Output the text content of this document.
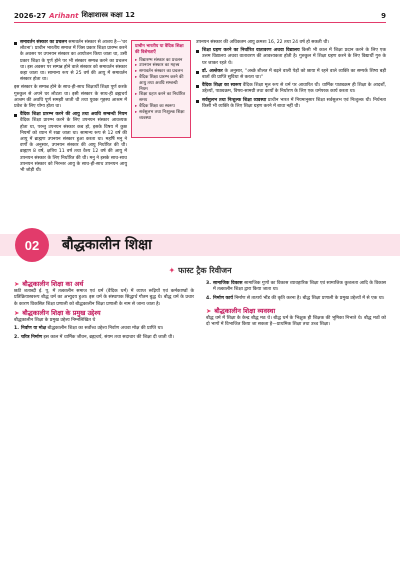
2026-27 Arihant शिक्षाशास्त्र कक्षा 12	9

समावर्तन संस्कार का प्रचलन समावर्तन संस्कार से आशय है—'घर लौटना'। प्राचीन भारतीय समाज में जिस प्रकार शिक्षा प्रारम्भ करने के अवसर पर उपनयन संस्कार का आयोजन किया जाता था, उसी प्रकार शिक्षा के पूर्ण होने पर भी संस्कार सम्पन्न करने का प्रचलन था। इस अवसर पर सम्पन्न होने वाले संस्कार को समावर्तन संस्कार कहा जाता था। सामान्य रूप से 25 वर्ष की आयु में समावर्तन संस्कार होता था।

इस संस्कार के सम्पन्न होने के साथ-ही-साथ शिक्षार्थी शिक्षा पूर्ण करके गुरुकुल से अपने घर लौटता था। इसी संस्कार के साथ-ही ब्रह्मचर्य आश्रम की अवधि पूर्ण समझी जाती थी तथा युवक गृहस्थ आश्रम में प्रवेश के लिए योग्य होता था।

वैदिक शिक्षा प्रारम्भ करने की आयु तथा अवधि सम्बन्धी नियम वैदिक शिक्षा प्रारम्भ करने के लिए उपनयन संस्कार आवश्यक होता था, परन्तु उपनयन संस्कार कब हो, इसके विषय में कुछ नियमों को ध्यान में रखा जाता था। सामान्य रूप से 12 वर्ष की आयु में ब्राह्मण उपनयन संस्कार हुआ करता था। महर्षि मनु ने वर्णों के अनुसार, उपनयन संस्कार की आयु निर्धारित की थी। ब्राह्मण 8 वर्ष, क्षत्रिय 11 वर्ष तथा वैश्य 12 वर्ष की आयु में उपनयन संस्कार के लिए निर्धारित की थी। मनु ने इसके साथ-साथ उपनयन संस्कार को निरन्तर आयु के साथ-ही-साथ उपनयन आयु भी जोड़ी थी।

प्राचीन भारतीय या वैदिक शिक्षा की विशेषताएँ
▸ विद्यारम्भ संस्कार का प्रचलन
▸ उपनयन संस्कार का महत्त्व
▸ समावर्तन संस्कार का प्रचलन
▸ वैदिक शिक्षा प्रारम्भ करने की आयु तथा अवधि सम्बन्धी नियम
▸ शिक्षा ग्रहण करने का निर्धारित समय
▸ वैदिक शिक्षा का स्वरूप
▸ सर्वसुलभ तथा निःशुल्क शिक्षा व्यवस्था

उपनयन संस्कार की अधिकतम आयु क्रमशः 16, 22 तथा 24 वर्ष हो सकती थी।

शिक्षा ग्रहण करने का निर्धारित वातावरण अथवा विद्यालय किसी भी काल में शिक्षा प्रदान करने के लिए एक उत्तम विद्यालय अथवा वातावरण की आवश्यकता होती है। गुरुकुल में शिक्षा ग्रहण करने के लिए विद्यार्थी गुरु के घर जाकर रहते थे।

डॉ. अल्तेकर के अनुसार, "अच्छे शीलत में बढ़ने वाली पेड़ों को छाया में रहने वाले व्यक्ति का सम्पर्क शिष्य बड़ी बातों की प्राप्ति सुविधा से करता था।"

वैदिक शिक्षा का स्वरूप वैदिक शिक्षा मूल रूप से धर्म पर आधारित थी। धार्मिक पाठ्यक्रम ही शिक्षा के आदर्शों, उद्देश्यों, पाठ्यक्रम, विषय-सामग्री तथा कार्यों के निर्धारण के लिए एक धर्मपरक कार्य करता था।

सर्वसुलभ तथा निःशुल्क शिक्षा व्यवस्था प्राचीन भारत में नियमानुसार शिक्षा सर्वसुलभ एवं निःशुल्क थी। निर्धनता किसी भी व्यक्ति के लिए शिक्षा ग्रहण करने में बाधा नहीं थी।

02	बौद्धकालीन शिक्षा
✦ फास्ट ट्रैक रिवीजन
➤ बौद्धकालीन शिक्षा का अर्थ

छठी शताब्दी ई. पू. में तत्कालीन समाज एवं धर्म (वैदिक धर्म) में व्याप्त रूढ़ियों एवं कर्मकाण्डों के प्रतिक्रियास्वरूप बौद्ध धर्म का अभ्युदय हुआ। इस धर्म के संस्थापक सिद्धार्थ गौतम बुद्ध थे। बौद्ध धर्म के प्रचार के कारण विकसित शिक्षा प्रणाली को बौद्धकालीन शिक्षा प्रणाली के नाम से जाना जाता है।

➤ बौद्धकालीन शिक्षा के प्रमुख उद्देश्य

बौद्धकालीन शिक्षा के प्रमुख उद्देश्य निम्नलिखित थे

1. निर्वाण या मोक्ष बौद्धकालीन शिक्षा का सर्वोच्च उद्देश्य निर्वाण अथवा मोक्ष की प्राप्ति था।

2. चरित्र निर्माण इस काल में धार्मिक जीवन, ब्रह्मचर्य, संयम तथा सदाचार की शिक्षा दी जाती थी।

3. सामाजिक विकास सामाजिक गुणों का विकास व्यावहारिक शिक्षा एवं सामाजिक कुशलता आदि के विकास में तत्कालीन शिक्षा द्वारा किया जाता था।

4. निर्माण कार्य निर्माण से तात्पर्य भौंड की कृति करना है। बौद्ध शिक्षा प्रणाली के प्रमुख उद्देश्यों में से एक था।

➤ बौद्धकालीन शिक्षा व्यवस्था

बौद्ध धर्म में शिक्षा के केन्द्र बौद्ध मठ थे। बौद्ध धर्म के भिक्षुक ही शिक्षक की भूमिका निभाते थे। बौद्ध मठों को दो भागों में विभाजित किया जा सकता है—प्राथमिक शिक्षा तथा उच्च शिक्षा।
